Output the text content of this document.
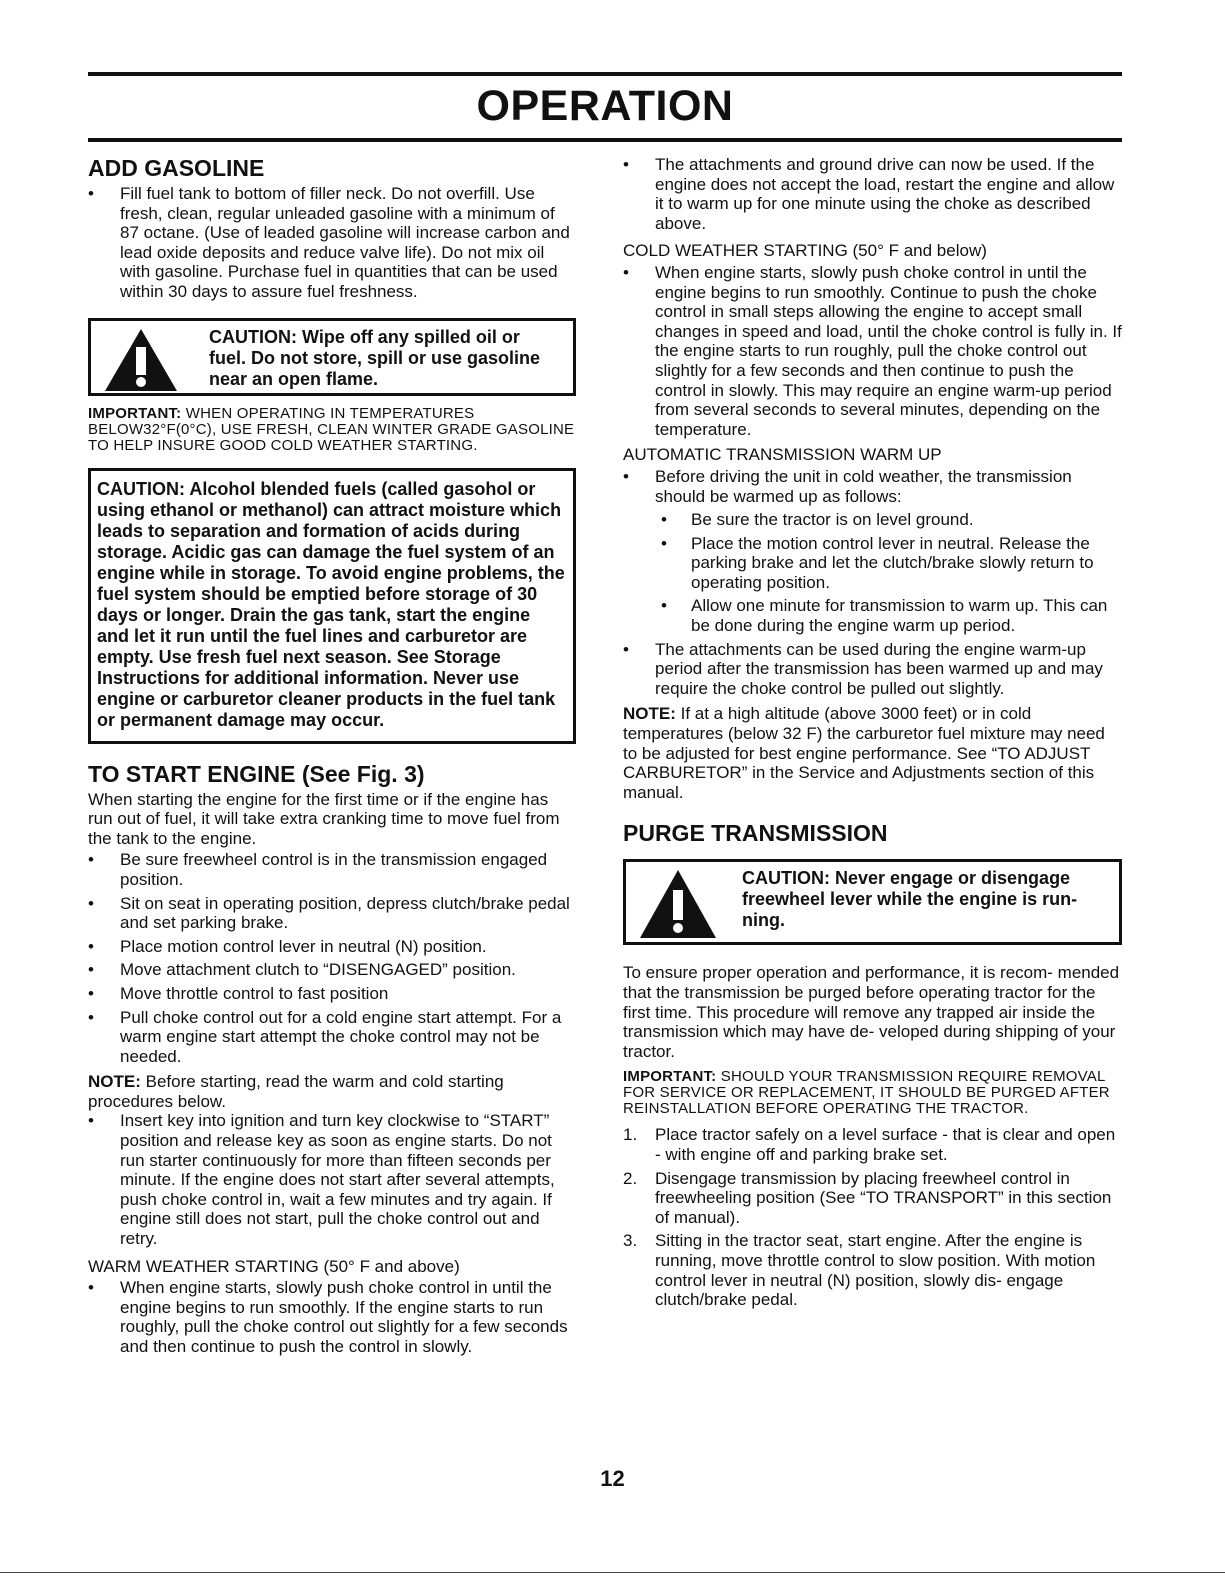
OPERATION
ADD GASOLINE

• Fill fuel tank to bottom of filler neck. Do not overfill. Use fresh, clean, regular unleaded gasoline with a minimum of 87 octane. (Use of leaded gasoline will increase carbon and lead oxide deposits and reduce valve life). Do not mix oil with gasoline. Purchase fuel in quantities that can be used within 30 days to assure fuel freshness.

CAUTION: Wipe off any spilled oil or fuel. Do not store, spill or use gasoline near an open flame.

IMPORTANT: WHEN OPERATING IN TEMPERATURES BELOW32°F(0°C), USE FRESH, CLEAN WINTER GRADE GASOLINE TO HELP INSURE GOOD COLD WEATHER STARTING.

CAUTION: Alcohol blended fuels (called gasohol or using ethanol or methanol) can attract moisture which leads to separation and formation of acids during storage. Acidic gas can damage the fuel system of an engine while in storage. To avoid engine problems, the fuel system should be emptied before storage of 30 days or longer. Drain the gas tank, start the engine and let it run until the fuel lines and carburetor are empty. Use fresh fuel next season. See Storage Instructions for additional information. Never use engine or carburetor cleaner products in the fuel tank or permanent damage may occur.
TO START ENGINE (See Fig. 3)

When starting the engine for the first time or if the engine has run out of fuel, it will take extra cranking time to move fuel from the tank to the engine.

• Be sure freewheel control is in the transmission engaged position.

• Sit on seat in operating position, depress clutch/brake pedal and set parking brake.

• Place motion control lever in neutral (N) position.

• Move attachment clutch to “DISENGAGED” position.

• Move throttle control to fast position

• Pull choke control out for a cold engine start attempt. For a warm engine start attempt the choke control may not be needed.

NOTE: Before starting, read the warm and cold starting procedures below.

• Insert key into ignition and turn key clockwise to “START” position and release key as soon as engine starts. Do not run starter continuously for more than fifteen seconds per minute. If the engine does not start after several attempts, push choke control in, wait a few minutes and try again. If engine still does not start, pull the choke control out and retry.

WARM WEATHER STARTING (50° F and above)

• When engine starts, slowly push choke control in until the engine begins to run smoothly. If the engine starts to run roughly, pull the choke control out slightly for a few seconds and then continue to push the control in slowly.

• The attachments and ground drive can now be used. If the engine does not accept the load, restart the engine and allow it to warm up for one minute using the choke as described above.

COLD WEATHER STARTING (50° F and below)

• When engine starts, slowly push choke control in until the engine begins to run smoothly. Continue to push the choke control in small steps allowing the engine to accept small changes in speed and load, until the choke control is fully in. If the engine starts to run roughly, pull the choke control out slightly for a few seconds and then continue to push the control in slowly. This may require an engine warm-up period from several seconds to several minutes, depending on the temperature.

AUTOMATIC TRANSMISSION WARM UP

• Before driving the unit in cold weather, the transmission should be warmed up as follows:

• Be sure the tractor is on level ground.

• Place the motion control lever in neutral. Release the parking brake and let the clutch/brake slowly return to operating position.

• Allow one minute for transmission to warm up. This can be done during the engine warm up period.

• The attachments can be used during the engine warm-up period after the transmission has been warmed up and may require the choke control be pulled out slightly.

NOTE: If at a high altitude (above 3000 feet) or in cold temperatures (below 32 F) the carburetor fuel mixture may need to be adjusted for best engine performance. See “TO ADJUST CARBURETOR” in the Service and Adjustments section of this manual.

PURGE TRANSMISSION
CAUTION: Never engage or disengage freewheel lever while the engine is run- ning.

To ensure proper operation and performance, it is recom- mended that the transmission be purged before operating tractor for the first time. This procedure will remove any trapped air inside the transmission which may have de- veloped during shipping of your tractor.

IMPORTANT: SHOULD YOUR TRANSMISSION REQUIRE REMOVAL FOR SERVICE OR REPLACEMENT, IT SHOULD BE PURGED AFTER REINSTALLATION BEFORE OPERATING THE TRACTOR.

1. Place tractor safely on a level surface - that is clear and open - with engine off and parking brake set.
2. Disengage transmission by placing freewheel control in freewheeling position (See “TO TRANSPORT” in this section of manual).
3. Sitting in the tractor seat, start engine. After the engine is running, move throttle control to slow position. With motion control lever in neutral (N) position, slowly dis- engage clutch/brake pedal.
12
